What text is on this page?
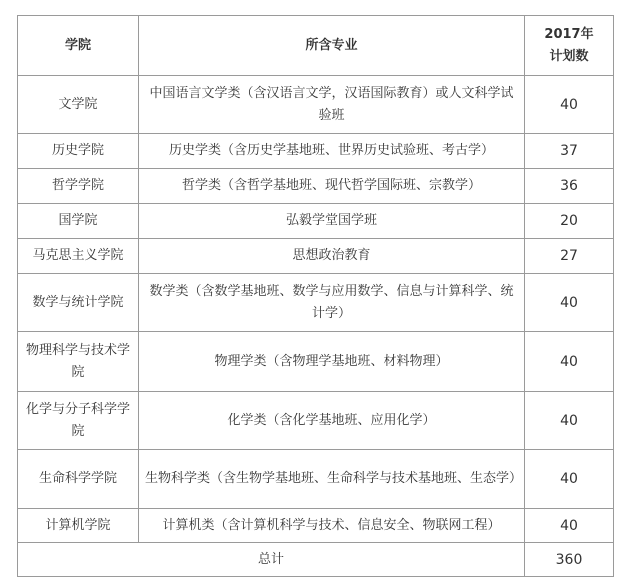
学院	所含专业	2017年计划数
文学院	中国语言文学类（含汉语言文学，汉语国际教育）或人文科学试验班	40
历史学院	历史学类（含历史学基地班、世界历史试验班、考古学）	37
哲学学院	哲学类（含哲学基地班、现代哲学国际班、宗教学）	36
国学院	弘毅学堂国学班	20
马克思主义学院	思想政治教育	27
数学与统计学院	数学类（含数学基地班、数学与应用数学、信息与计算科学、统计学）	40
物理科学与技术学院	物理学类（含物理学基地班、材料物理）	40
化学与分子科学学院	化学类（含化学基地班、应用化学）	40
生命科学学院	生物科学类（含生物学基地班、生命科学与技术基地班、生态学）	40
计算机学院	计算机类（含计算机科学与技术、信息安全、物联网工程）	40
总计		360
